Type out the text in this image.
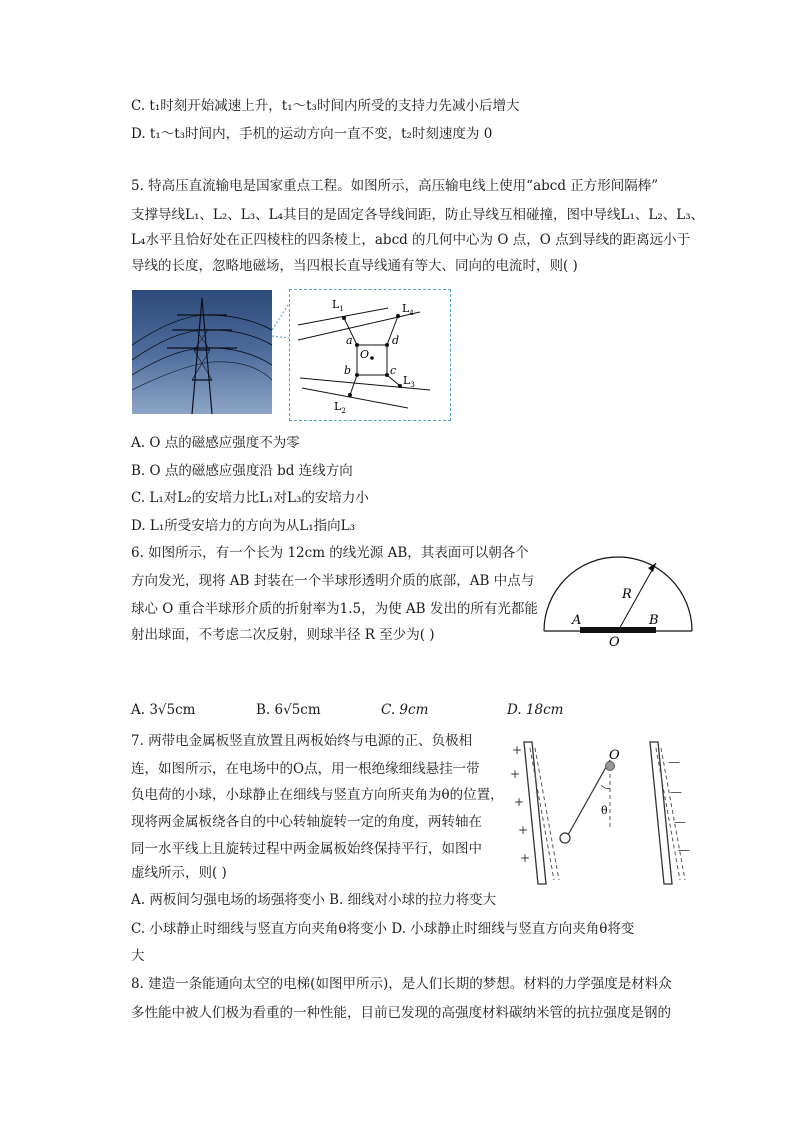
C. t₁时刻开始减速上升，t₁～t₃时间内所受的支持力先减小后增大
D. t₁～t₃时间内，手机的运动方向一直不变，t₂时刻速度为 0
5. 特高压直流输电是国家重点工程。如图所示，高压输电线上使用“abcd 正方形间隔棒”
支撑导线L₁、L₂、L₃、L₄其目的是固定各导线间距，防止导线互相碰撞，图中导线L₁、L₂、L₃、
L₄水平且恰好处在正四棱柱的四条棱上，abcd 的几何中心为 O 点，O 点到导线的距离远小于
导线的长度，忽略地磁场，当四根长直导线通有等大、同向的电流时，则( )
$L_1$	$L_4$
$L_3$
$L_2$
a	d
b	c
O
A. O 点的磁感应强度不为零
B. O 点的磁感应强度沿 bd 连线方向
C. L₁对L₂的安培力比L₁对L₃的安培力小
D. L₁所受安培力的方向为从L₁指向L₃
6. 如图所示，有一个长为 12cm 的线光源 AB，其表面可以朝各个
方向发光，现将 AB 封装在一个半球形透明介质的底部，AB 中点与
球心 O 重合半球形介质的折射率为1.5，为使 AB 发出的所有光都能
射出球面，不考虑二次反射，则球半径 R 至少为( )
R
A	B
O
A. 3√5cm	B. 6√5cm	C. 9cm	D. 18cm
7. 两带电金属板竖直放置且两板始终与电源的正、负极相
连，如图所示，在电场中的O点，用一根绝缘细线悬挂一带
负电荷的小球，小球静止在细线与竖直方向所夹角为θ的位置，
现将两金属板绕各自的中心转轴旋转一定的角度，两转轴在
同一水平线上且旋转过程中两金属板始终保持平行，如图中
虚线所示，则( )
O
θ
+
+
+
+
+
—
—
—
—
A. 两板间匀强电场的场强将变小 B. 细线对小球的拉力将变大
C. 小球静止时细线与竖直方向夹角θ将变小 D. 小球静止时细线与竖直方向夹角θ将变
大
8. 建造一条能通向太空的电梯(如图甲所示)，是人们长期的梦想。材料的力学强度是材料众
多性能中被人们极为看重的一种性能，目前已发现的高强度材料碳纳米管的抗拉强度是钢的
